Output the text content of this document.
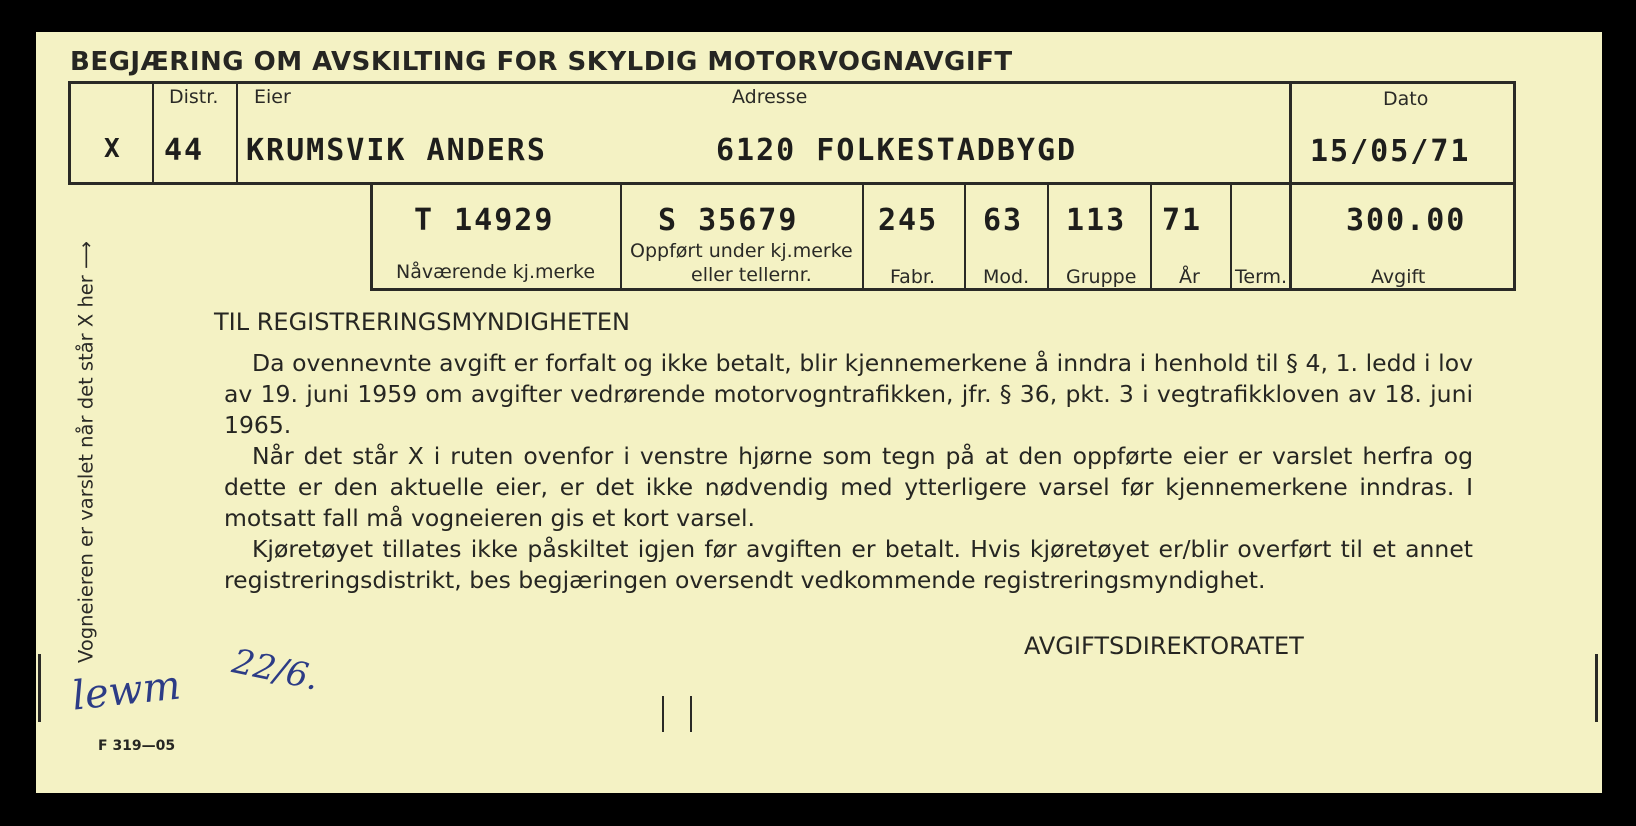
BEGJÆRING OM AVSKILTING FOR SKYLDIG MOTORVOGNAVGIFT
X
Distr.
44
Eier
KRUMSVIK ANDERS
Adresse
6120 FOLKESTADBYGD
Dato
15/05/71
T 14929
Nåværende kj.merke
S 35679
Oppført under kj.merke
eller tellernr.
245
Fabr.
63
Mod.
113
Gruppe
71
År Term.
300.00
Avgift
Vogneieren er varslet når det står X her ⟶
TIL REGISTRERINGSMYNDIGHETEN

Da ovennevnte avgift er forfalt og ikke betalt, blir kjennemerkene å inndra i henhold til § 4, 1. ledd i lov av 19. juni 1959 om avgifter vedrørende motorvogntrafikken, jfr. § 36, pkt. 3 i vegtrafikkloven av 18. juni 1965.

Når det står X i ruten ovenfor i venstre hjørne som tegn på at den oppførte eier er varslet herfra og dette er den aktuelle eier, er det ikke nødvendig med ytterligere varsel før kjennemerkene inndras. I motsatt fall må vogneieren gis et kort varsel.

Kjøretøyet tillates ikke påskiltet igjen før avgiften er betalt. Hvis kjøretøyet er/blir overført til et annet registreringsdistrikt, bes begjæringen oversendt vedkommende registreringsmyndighet.

AVGIFTSDIREKTORATET
lewm 22/6.
F 319—05
